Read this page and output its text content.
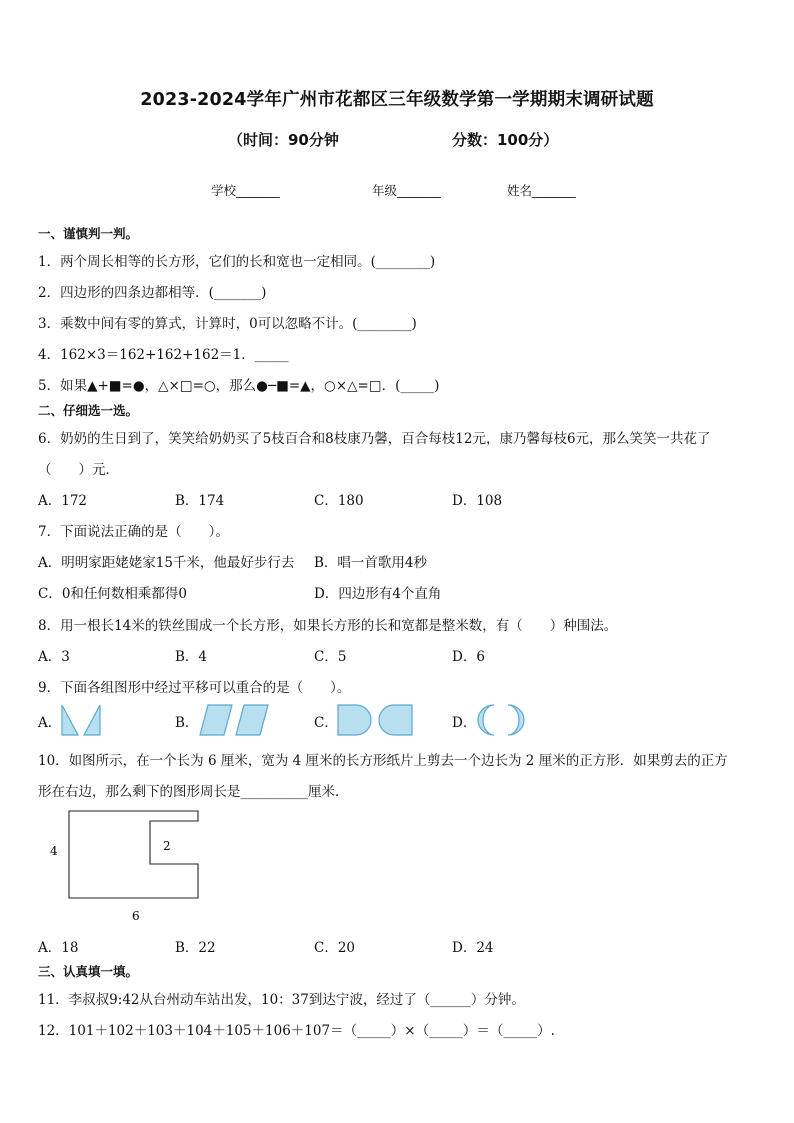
2023-2024学年广州市花都区三年级数学第一学期期末调研试题
（时间：90分钟	分数：100分）
学校_______	年级_______	姓名_______
一、谨慎判一判。
1．两个周长相等的长方形，它们的长和宽也一定相同。(________)
2．四边形的四条边都相等．(_______)
3．乘数中间有零的算式，计算时，0可以忽略不计。(________)
4．162×3＝162+162+162＝1．_____
5．如果▲+■=●，△×□=○，那么●─■=▲，○×△=□．(_____)
二、仔细选一选。
6．奶奶的生日到了，笑笑给奶奶买了5枝百合和8枝康乃馨，百合每枝12元，康乃馨每枝6元，那么笑笑一共花了
（　　）元．
A．172	B．174	C．180	D．108
7．下面说法正确的是（　　）。
A．明明家距姥姥家15千米，他最好步行去 B．唱一首歌用4秒
C．0和任何数相乘都得0	D．四边形有4个直角
8．用一根长14米的铁丝围成一个长方形，如果长方形的长和宽都是整米数，有（　　）种围法。
A．3	B．4	C．5	D．6
9．下面各组图形中经过平移可以重合的是（　　）。
A．	B．	C．	D．
10．如图所示，在一个长为 6 厘米，宽为 4 厘米的长方形纸片上剪去一个边长为 2 厘米的正方形．如果剪去的正方
形在右边，那么剩下的图形周长是__________厘米．
4	2
6
A．18	B．22	C．20	D．24
三、认真填一填。
11．李叔叔9:42从台州动车站出发，10：37到达宁波，经过了（______）分钟。
12．101＋102＋103＋104＋105＋106＋107＝（_____）×（_____）＝（_____）.
